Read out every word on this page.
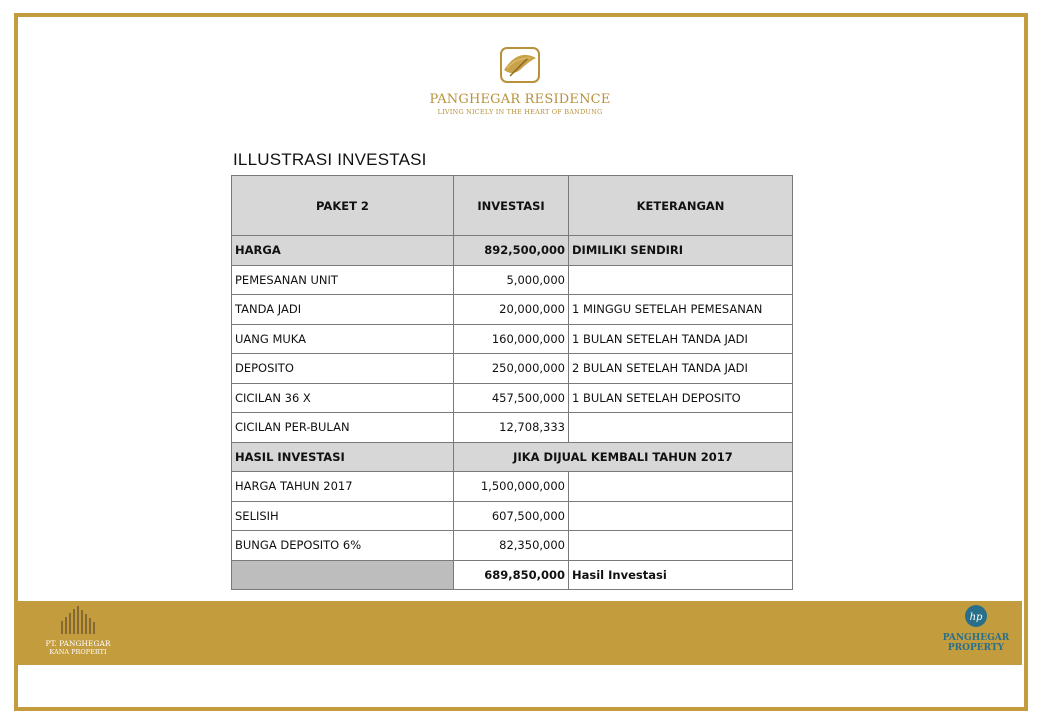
PANGHEGAR RESIDENCE
LIVING NICELY IN THE HEART OF BANDUNG
ILLUSTRASI INVESTASI
PAKET 2	INVESTASI	KETERANGAN
HARGA	892,500,000	DIMILIKI SENDIRI
PEMESANAN UNIT	5,000,000	
TANDA JADI	20,000,000	1 MINGGU SETELAH PEMESANAN
UANG MUKA	160,000,000	1 BULAN SETELAH TANDA JADI
DEPOSITO	250,000,000	2 BULAN SETELAH TANDA JADI
CICILAN 36 X	457,500,000	1 BULAN SETELAH DEPOSITO
CICILAN PER-BULAN	12,708,333	
HASIL INVESTASI	JIKA DIJUAL KEMBALI TAHUN 2017	
HARGA TAHUN 2017	1,500,000,000	
SELISIH	607,500,000	
BUNGA DEPOSITO 6%	82,350,000	
	689,850,000	Hasil Investasi
PT. PANGHEGAR
KANA PROPERTI
hp
PANGHEGAR
PROPERTY
